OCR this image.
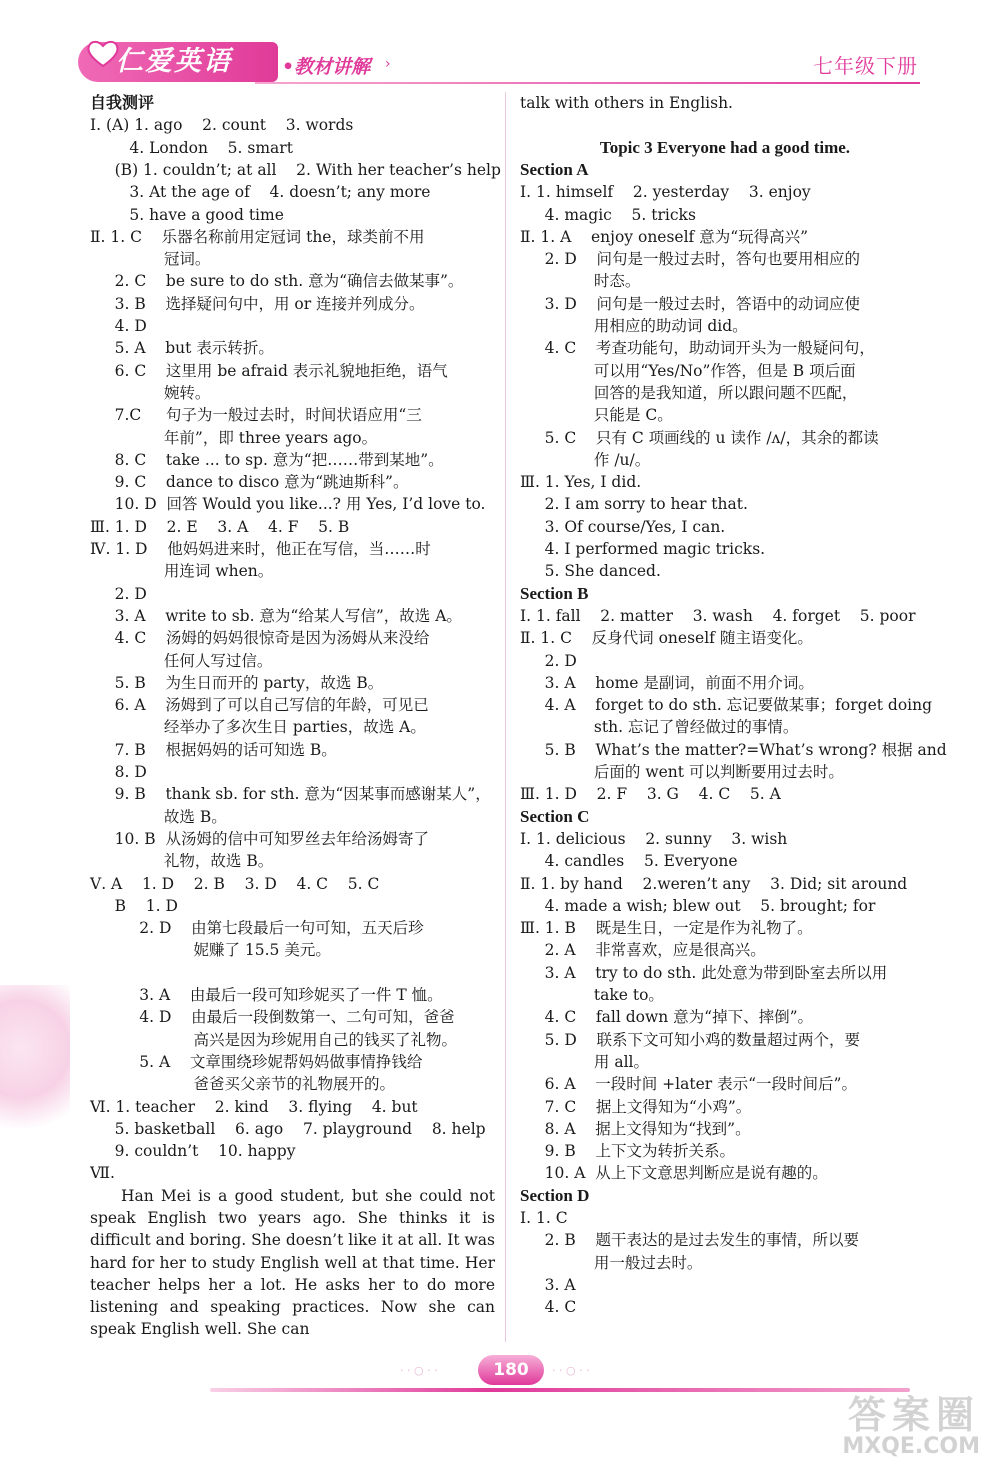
仁爱英语	•教材讲解 ›	七年级下册
自我测评
Ⅰ. (A) 1. ago    2. count    3. words
4. London    5. smart
(B) 1. couldn’t; at all    2. With her teacher’s help
3. At the age of    4. doesn’t; any more
5. have a good time
Ⅱ. 1. C    乐器名称前用定冠词 the，球类前不用
冠词。
2. C    be sure to do sth. 意为“确信去做某事”。
3. B    选择疑问句中，用 or 连接并列成分。
4. D
5. A    but 表示转折。
6. C    这里用 be afraid 表示礼貌地拒绝，语气
婉转。
7.C     句子为一般过去时，时间状语应用“三
年前”，即 three years ago。
8. C    take ... to sp. 意为“把……带到某地”。
9. C    dance to disco 意为“跳迪斯科”。
10. D  回答 Would you like...? 用 Yes, I’d love to.
Ⅲ. 1. D    2. E    3. A    4. F    5. B
Ⅳ. 1. D    他妈妈进来时，他正在写信，当……时
用连词 when。
2. D
3. A    write to sb. 意为“给某人写信”，故选 A。
4. C    汤姆的妈妈很惊奇是因为汤姆从来没给
任何人写过信。
5. B    为生日而开的 party，故选 B。
6. A    汤姆到了可以自己写信的年龄，可见已
经举办了多次生日 parties，故选 A。
7. B    根据妈妈的话可知选 B。
8. D
9. B    thank sb. for sth. 意为“因某事而感谢某人”，
故选 B。
10. B  从汤姆的信中可知罗丝去年给汤姆寄了
礼物，故选 B。
Ⅴ. A    1. D    2. B    3. D    4. C    5. C
B    1. D
2. D    由第七段最后一句可知，五天后珍
妮赚了 15.5 美元。
3. A    由最后一段可知珍妮买了一件 T 恤。
4. D    由最后一段倒数第一、二句可知，爸爸
高兴是因为珍妮用自己的钱买了礼物。
5. A    文章围绕珍妮帮妈妈做事情挣钱给
爸爸买父亲节的礼物展开的。
Ⅵ. 1. teacher    2. kind    3. flying    4. but
5. basketball    6. ago    7. playground    8. help
9. couldn’t    10. happy
Ⅶ.
Han Mei is a good student, but she could not speak English two years ago. She thinks it is difficult and boring. She doesn’t like it at all. It was hard for her to study English well at that time. Her teacher helps her a lot. He asks her to do more listening and speaking practices. Now she can speak English well. She can
talk with others in English.
Topic 3 Everyone had a good time.
Section A
Ⅰ. 1. himself    2. yesterday    3. enjoy
4. magic    5. tricks
Ⅱ. 1. A    enjoy oneself 意为“玩得高兴”
2. D    问句是一般过去时，答句也要用相应的
时态。
3. D    问句是一般过去时，答语中的动词应使
用相应的助动词 did。
4. C    考查功能句，助动词开头为一般疑问句，
可以用“Yes/No”作答，但是 B 项后面
回答的是我知道，所以跟问题不匹配，
只能是 C。
5. C    只有 C 项画线的 u 读作 /ʌ/，其余的都读
作 /u/。
Ⅲ. 1. Yes, I did.
2. I am sorry to hear that.
3. Of course/Yes, I can.
4. I performed magic tricks.
5. She danced.
Section B
Ⅰ. 1. fall    2. matter    3. wash    4. forget    5. poor
Ⅱ. 1. C    反身代词 oneself 随主语变化。
2. D
3. A    home 是副词，前面不用介词。
4. A    forget to do sth. 忘记要做某事；forget doing
sth. 忘记了曾经做过的事情。
5. B    What’s the matter?=What’s wrong? 根据 and
后面的 went 可以判断要用过去时。
Ⅲ. 1. D    2. F    3. G    4. C    5. A
Section C
Ⅰ. 1. delicious    2. sunny    3. wish
4. candles    5. Everyone
Ⅱ. 1. by hand    2.weren’t any    3. Did; sit around
4. made a wish; blew out    5. brought; for
Ⅲ. 1. B    既是生日，一定是作为礼物了。
2. A    非常喜欢，应是很高兴。
3. A    try to do sth. 此处意为带到卧室去所以用
take to。
4. C    fall down 意为“掉下、摔倒”。
5. D    联系下文可知小鸡的数量超过两个，要
用 all。
6. A    一段时间 +later 表示“一段时间后”。
7. C    据上文得知为“小鸡”。
8. A    据上文得知为“找到”。
9. B    上下文为转折关系。
10. A  从上下文意思判断应是说有趣的。
Section D
Ⅰ. 1. C
2. B    题干表达的是过去发生的事情，所以要
用一般过去时。
3. A
4. C
· · ○ · ·	· · ○ · ·
180
答案圈
MXQE.COM
